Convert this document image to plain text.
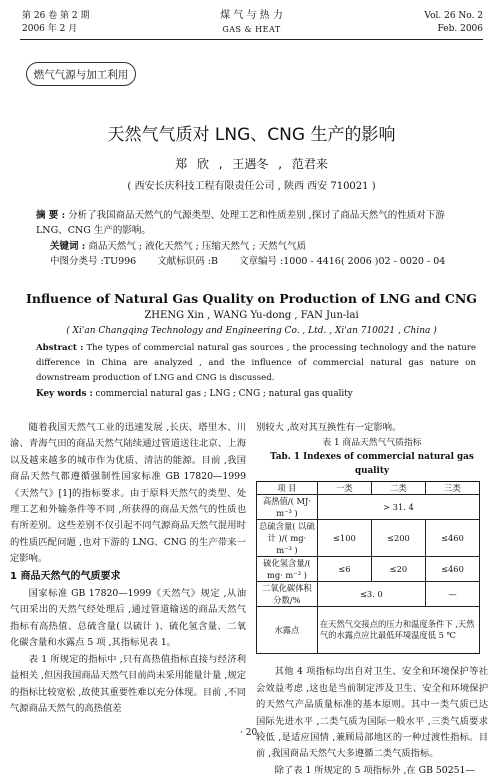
第 26 卷 第 2 期
2006 年 2 月
煤 气 与 热 力
GAS & HEAT
Vol. 26 No. 2
Feb. 2006
燃气气源与加工利用
天然气气质对 LNG、CNG 生产的影响
郑 欣 , 王遇冬 , 范君来
( 西安长庆科技工程有限责任公司 , 陕西 西安 710021 )
摘 要 : 分析了我国商品天然气的气源类型、处理工艺和性质差别 ,探讨了商品天然气的性质对下游 LNG、CNG 生产的影响。
关键词 : 商品天然气 ; 液化天然气 ; 压缩天然气 ; 天然气气质
中图分类号 :TU996 文献标识码 :B 文章编号 :1000 - 4416( 2006 )02 - 0020 - 04
Influence of Natural Gas Quality on Production of LNG and CNG
ZHENG Xin , WANG Yu-dong , FAN Jun-lai
( Xi'an Changqing Technology and Engineering Co. , Ltd. , Xi'an 710021 , China )
Abstract : The types of commercial natural gas sources , the processing technology and the nature difference in China are analyzed , and the influence of commercial natural gas nature on downstream production of LNG and CNG is discussed.
Key words : commercial natural gas ; LNG ; CNG ; natural gas quality

随着我国天然气工业的迅速发展 ,长庆、塔里木、川渝、青海气田的商品天然气陆续通过管道送往北京、上海以及越来越多的城市作为优质、清洁的能源。目前 ,我国商品天然气都遵循强制性国家标准 GB 17820—1999《天然气》[1]的指标要求。由于原料天然气的类型、处理工艺和外输条件等不同 ,所获得的商品天然气的性质也有所差别。这些差别不仅引起不同气源商品天然气混用时的性质匹配问题 ,也对下游的 LNG、CNG 的生产带来一定影响。

1 商品天然气的气质要求

国家标准 GB 17820—1999《天然气》规定 ,从油气田采出的天然气经处理后 ,通过管道输送的商品天然气指标有高热值、总硫含量( 以硫计 )、硫化氢含量、二氧化碳含量和水露点 5 项 ,其指标见表 1。

表 1 所规定的指标中 ,只有高热值指标直接与经济利益相关 ,但因我国商品天然气目前尚未采用能量计量 ,规定的指标比较宽松 ,故使其重要性难以充分体现。目前 ,不同气源商品天然气的高热值差

别较大 ,故对其互换性有一定影响。
表 1 商品天然气气质指标
Tab. 1 Indexes of commercial natural gas quality
项 目	一类	二类	三类
高热值/( MJ· m⁻³ )	> 31. 4		
总硫含量( 以硫计 )/( mg· m⁻³ )	≤100	≤200	≤460
硫化氢含量/( mg· m⁻³ )	≤6	≤20	≤460
二氧化碳体积分数/%	≤3. 0		—
水露点	在天然气交接点的压力和温度条件下 ,天然气的水露点应比最低环境温度低 5 ℃		

其他 4 项指标均出自对卫生、安全和环境保护等社会效益考虑 ,这也是当前制定涉及卫生、安全和环境保护的天然气产品质量标准的基本原则。其中一类气质已达国际先进水平 ,二类气质为国际一般水平 ,三类气质要求较低 ,是适应国情 ,兼顾局部地区的一种过渡性指标。目前 ,我国商品天然气大多遵循二类气质指标。

除了表 1 所规定的 5 项指标外 ,在 GB 50251—

· 20 ·
